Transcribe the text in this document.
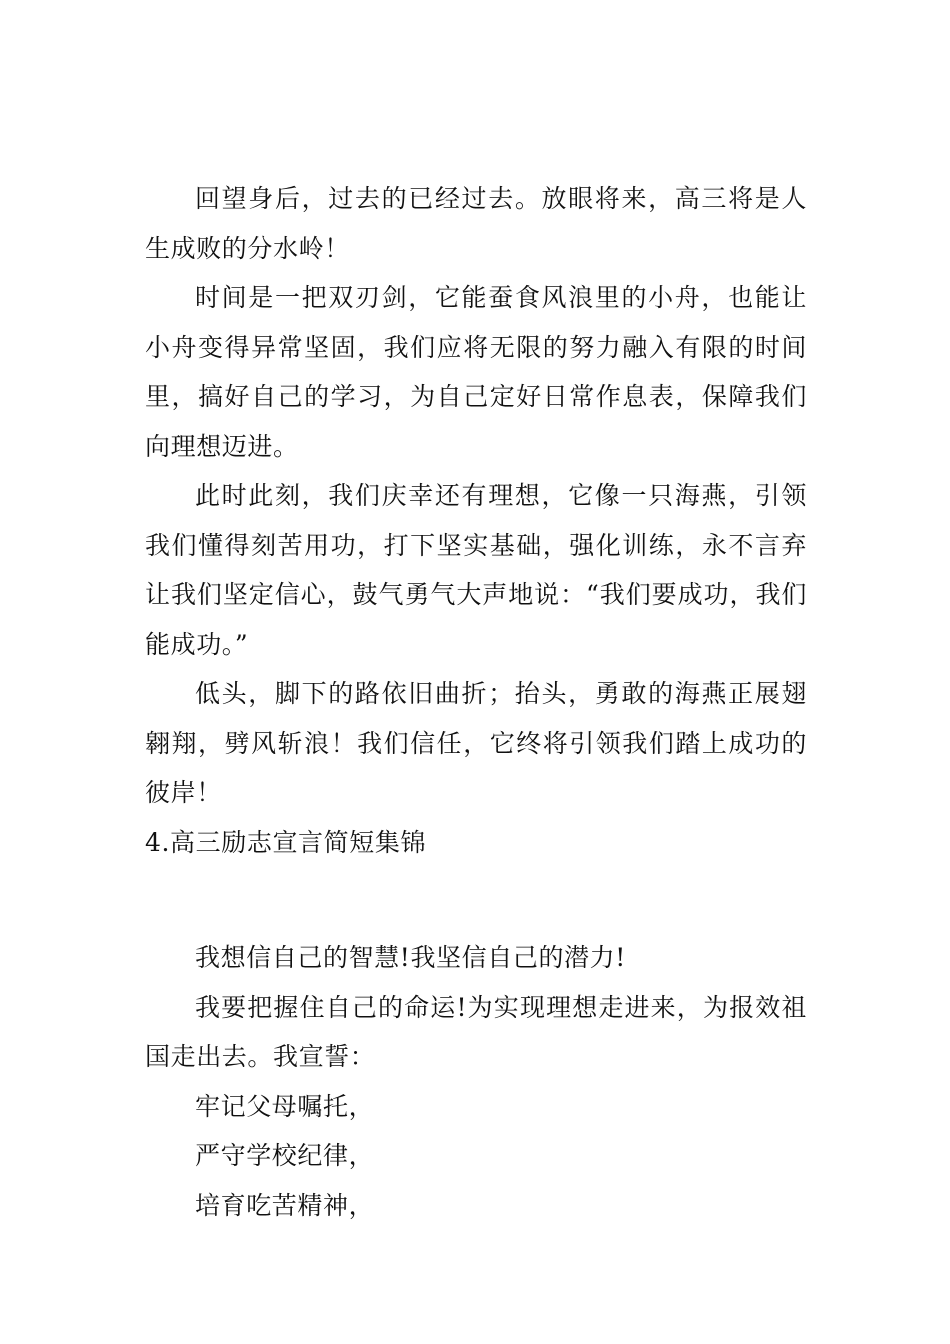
回望身后，过去的已经过去。放眼将来，高三将是人生成败的分水岭！

时间是一把双刃剑，它能蚕食风浪里的小舟，也能让小舟变得异常坚固，我们应将无限的努力融入有限的时间里，搞好自己的学习，为自己定好日常作息表，保障我们向理想迈进。

此时此刻，我们庆幸还有理想，它像一只海燕，引领我们懂得刻苦用功，打下坚实基础，强化训练，永不言弃让我们坚定信心，鼓气勇气大声地说：“我们要成功，我们能成功。”

低头，脚下的路依旧曲折；抬头，勇敢的海燕正展翅翱翔，劈风斩浪！我们信任，它终将引领我们踏上成功的彼岸！

4.高三励志宣言简短集锦

我想信自己的智慧!我坚信自己的潜力!

我要把握住自己的命运!为实现理想走进来，为报效祖国走出去。我宣誓：

牢记父母嘱托，

严守学校纪律，

培育吃苦精神，
